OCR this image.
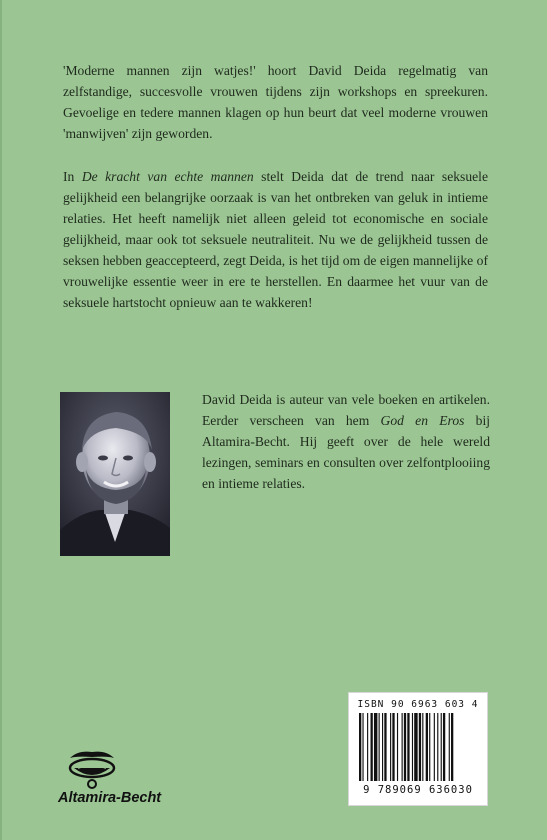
'Moderne mannen zijn watjes!' hoort David Deida regelmatig van zelfstandige, succesvolle vrouwen tijdens zijn workshops en spreekuren. Gevoelige en tedere mannen klagen op hun beurt dat veel moderne vrouwen 'manwijven' zijn geworden.

In De kracht van echte mannen stelt Deida dat de trend naar seksuele gelijkheid een belangrijke oorzaak is van het ontbreken van geluk in intieme relaties. Het heeft namelijk niet alleen geleid tot economische en sociale gelijkheid, maar ook tot seksuele neutraliteit. Nu we de gelijkheid tussen de seksen hebben geaccepteerd, zegt Deida, is het tijd om de eigen mannelijke of vrouwelijke essentie weer in ere te herstellen. En daarmee het vuur van de seksuele hartstocht opnieuw aan te wakkeren!

David Deida is auteur van vele boeken en artikelen. Eerder verscheen van hem God en Eros bij Altamira-Becht. Hij geeft over de hele wereld lezingen, seminars en consulten over zelfontplooiing en intieme relaties.

ISBN 90 6963 603 4
9 789069 636030
Altamira-Becht
